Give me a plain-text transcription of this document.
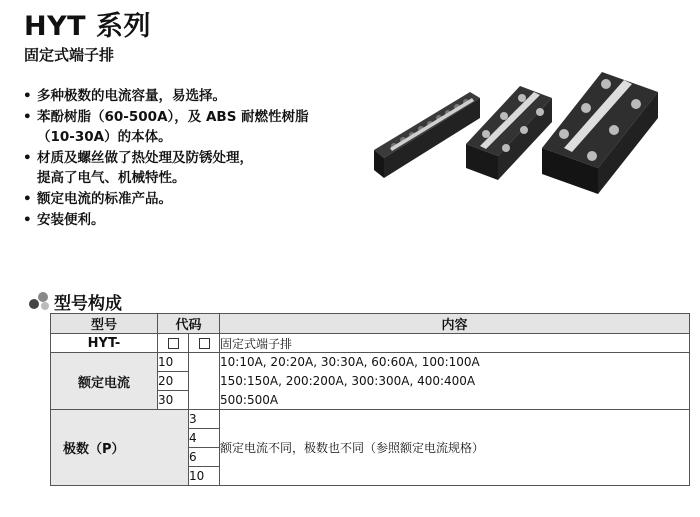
HYT 系列
固定式端子排
• 多种极数的电流容量，易选择。
• 苯酚树脂（60-500A），及 ABS 耐燃性树脂
（10-30A）的本体。
• 材质及螺丝做了热处理及防锈处理，
提高了电气、机械特性。
• 额定电流的标准产品。
• 安装便利。
型号构成
型号	代码		内容
HYT-			固定式端子排
额定电流	10		10:10A, 20:20A, 30:30A, 60:60A, 100:100A
	20		150:150A, 200:200A, 300:300A, 400:400A
	30		500:500A
极数（P）		3	额定电流不同，极数也不同（参照额定电流规格）
		4	
		6	
		10	
